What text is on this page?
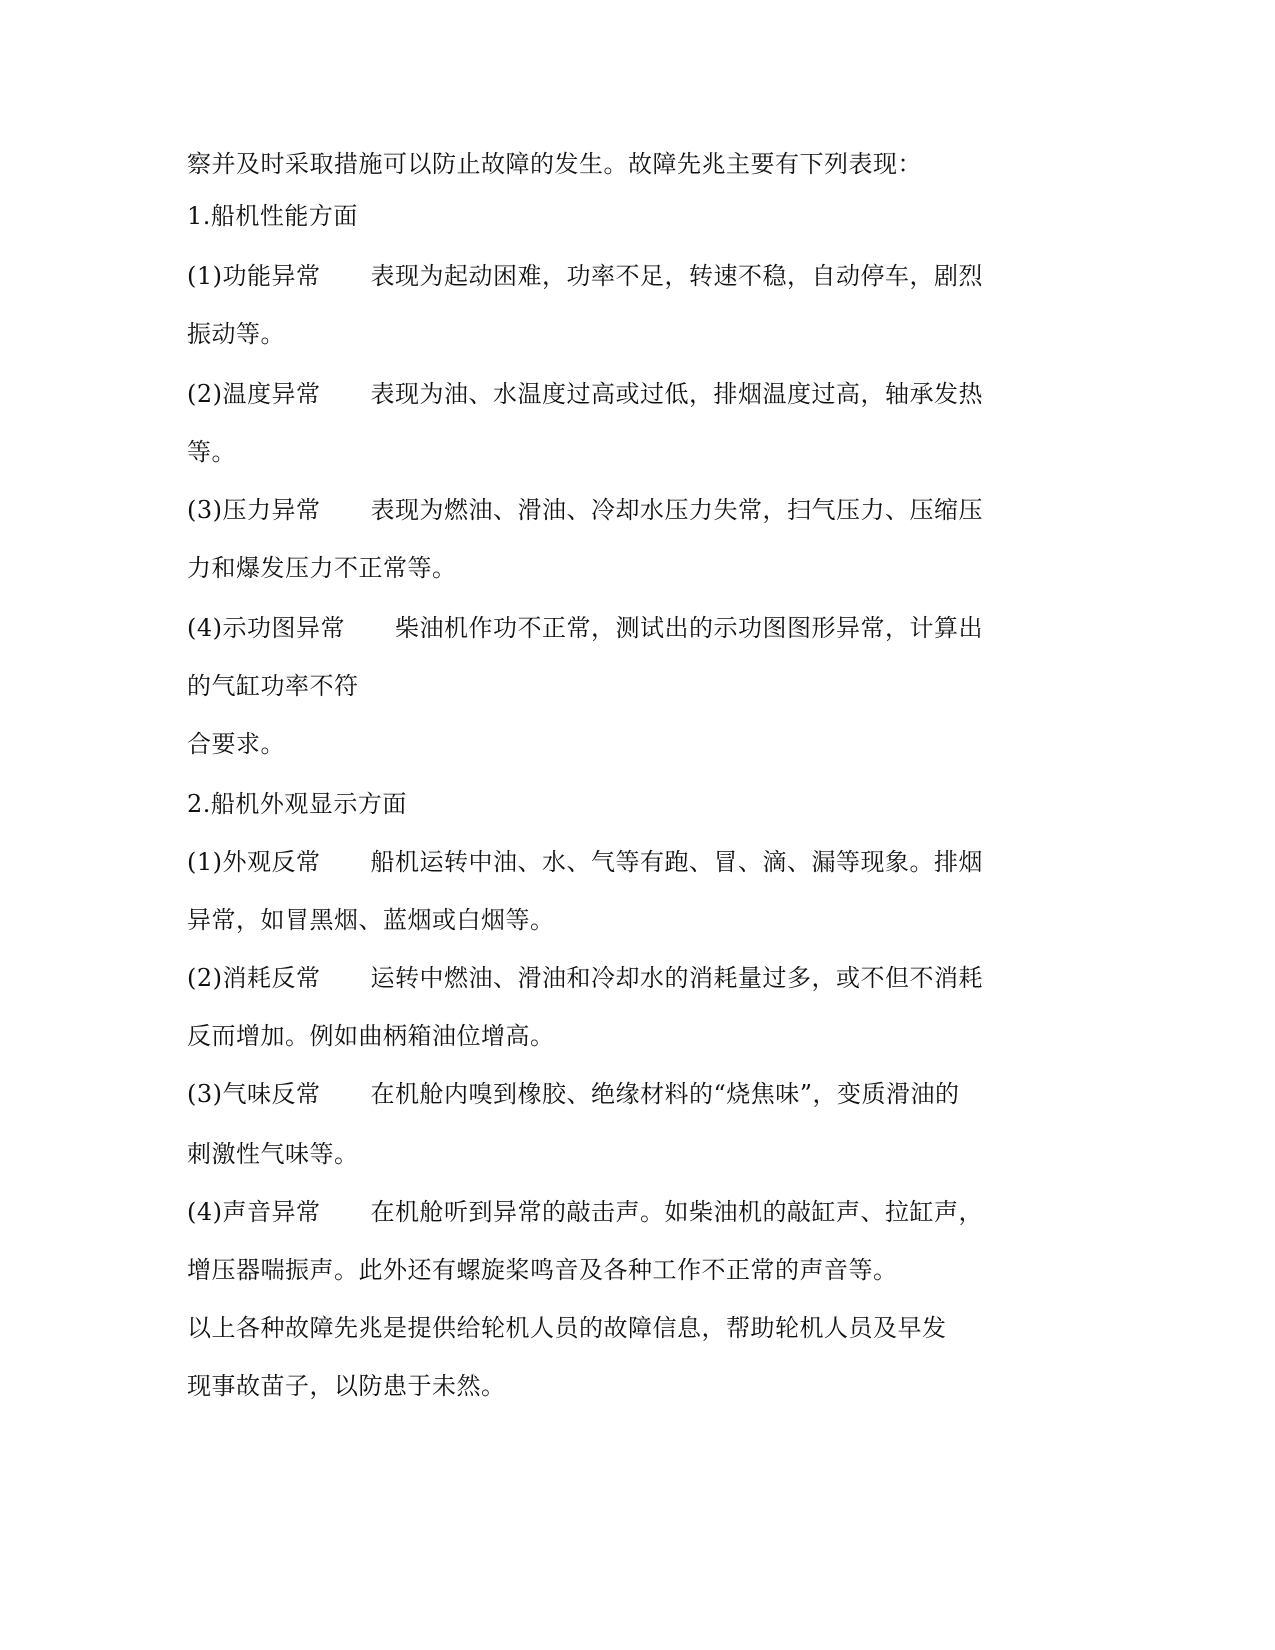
察并及时采取措施可以防止故障的发生。故障先兆主要有下列表现：
1.船机性能方面
(1)功能异常 表现为起动困难，功率不足，转速不稳，自动停车，剧烈
振动等。
(2)温度异常 表现为油、水温度过高或过低，排烟温度过高，轴承发热
等。
(3)压力异常 表现为燃油、滑油、冷却水压力失常，扫气压力、压缩压
力和爆发压力不正常等。
(4)示功图异常 柴油机作功不正常，测试出的示功图图形异常，计算出
的气缸功率不符
合要求。
2.船机外观显示方面
(1)外观反常 船机运转中油、水、气等有跑、冒、滴、漏等现象。排烟
异常，如冒黑烟、蓝烟或白烟等。
(2)消耗反常 运转中燃油、滑油和冷却水的消耗量过多，或不但不消耗
反而增加。例如曲柄箱油位增高。
(3)气味反常 在机舱内嗅到橡胶、绝缘材料的“烧焦味”，变质滑油的
刺激性气味等。
(4)声音异常 在机舱听到异常的敲击声。如柴油机的敲缸声、拉缸声，
增压器喘振声。此外还有螺旋桨鸣音及各种工作不正常的声音等。
以上各种故障先兆是提供给轮机人员的故障信息，帮助轮机人员及早发
现事故苗子，以防患于未然。
